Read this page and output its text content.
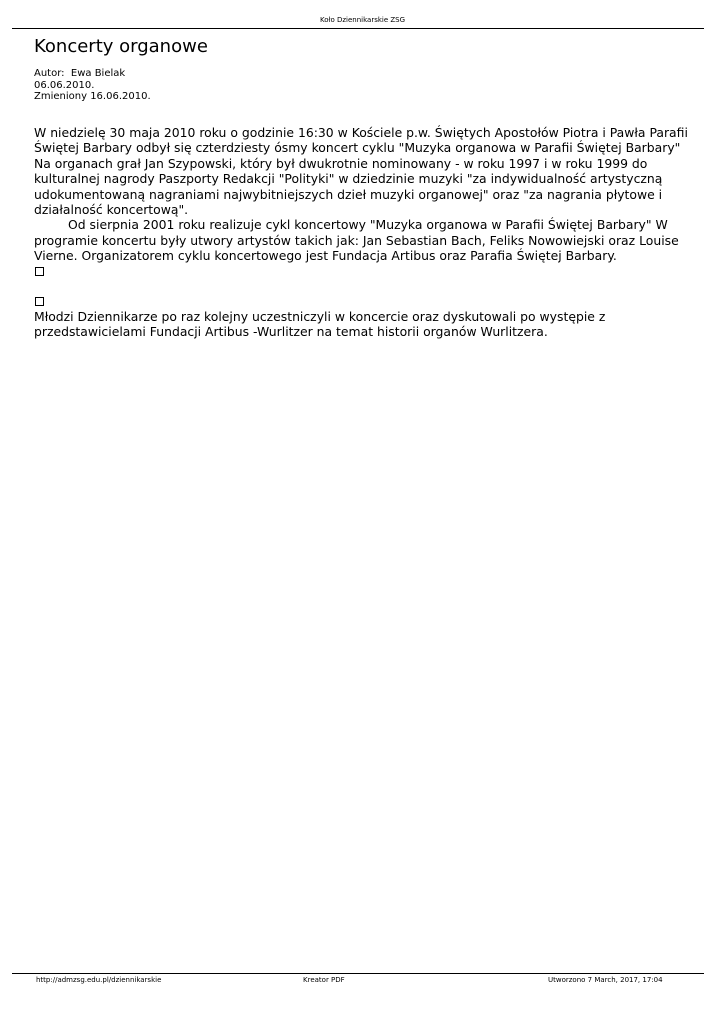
Koło Dziennikarskie ZSG
Koncerty organowe
Autor: Ewa Bielak
06.06.2010.
Zmieniony 16.06.2010.

W niedzielę 30 maja 2010 roku o godzinie 16:30 w Kościele p.w. Świętych Apostołów Piotra i Pawła Parafii Świętej Barbary odbył się czterdziesty ósmy koncert cyklu "Muzyka organowa w Parafii Świętej Barbary" Na organach grał Jan Szypowski, który był dwukrotnie nominowany - w roku 1997 i w roku 1999 do kulturalnej nagrody Paszporty Redakcji "Polityki" w dziedzinie muzyki "za indywidualność artystyczną udokumentowaną nagraniami najwybitniejszych dzieł muzyki organowej" oraz "za nagrania płytowe i działalność koncertową".

Od sierpnia 2001 roku realizuje cykl koncertowy "Muzyka organowa w Parafii Świętej Barbary" W programie koncertu były utwory artystów takich jak: Jan Sebastian Bach, Feliks Nowowiejski oraz Louise Vierne. Organizatorem cyklu koncertowego jest Fundacja Artibus oraz Parafia Świętej Barbary.

Młodzi Dziennikarze po raz kolejny uczestniczyli w koncercie oraz dyskutowali po występie z przedstawicielami Fundacji Artibus -Wurlitzer na temat historii organów Wurlitzera.

http://admzsg.edu.pl/dziennikarskie	Kreator PDF	Utworzono 7 March, 2017, 17:04
